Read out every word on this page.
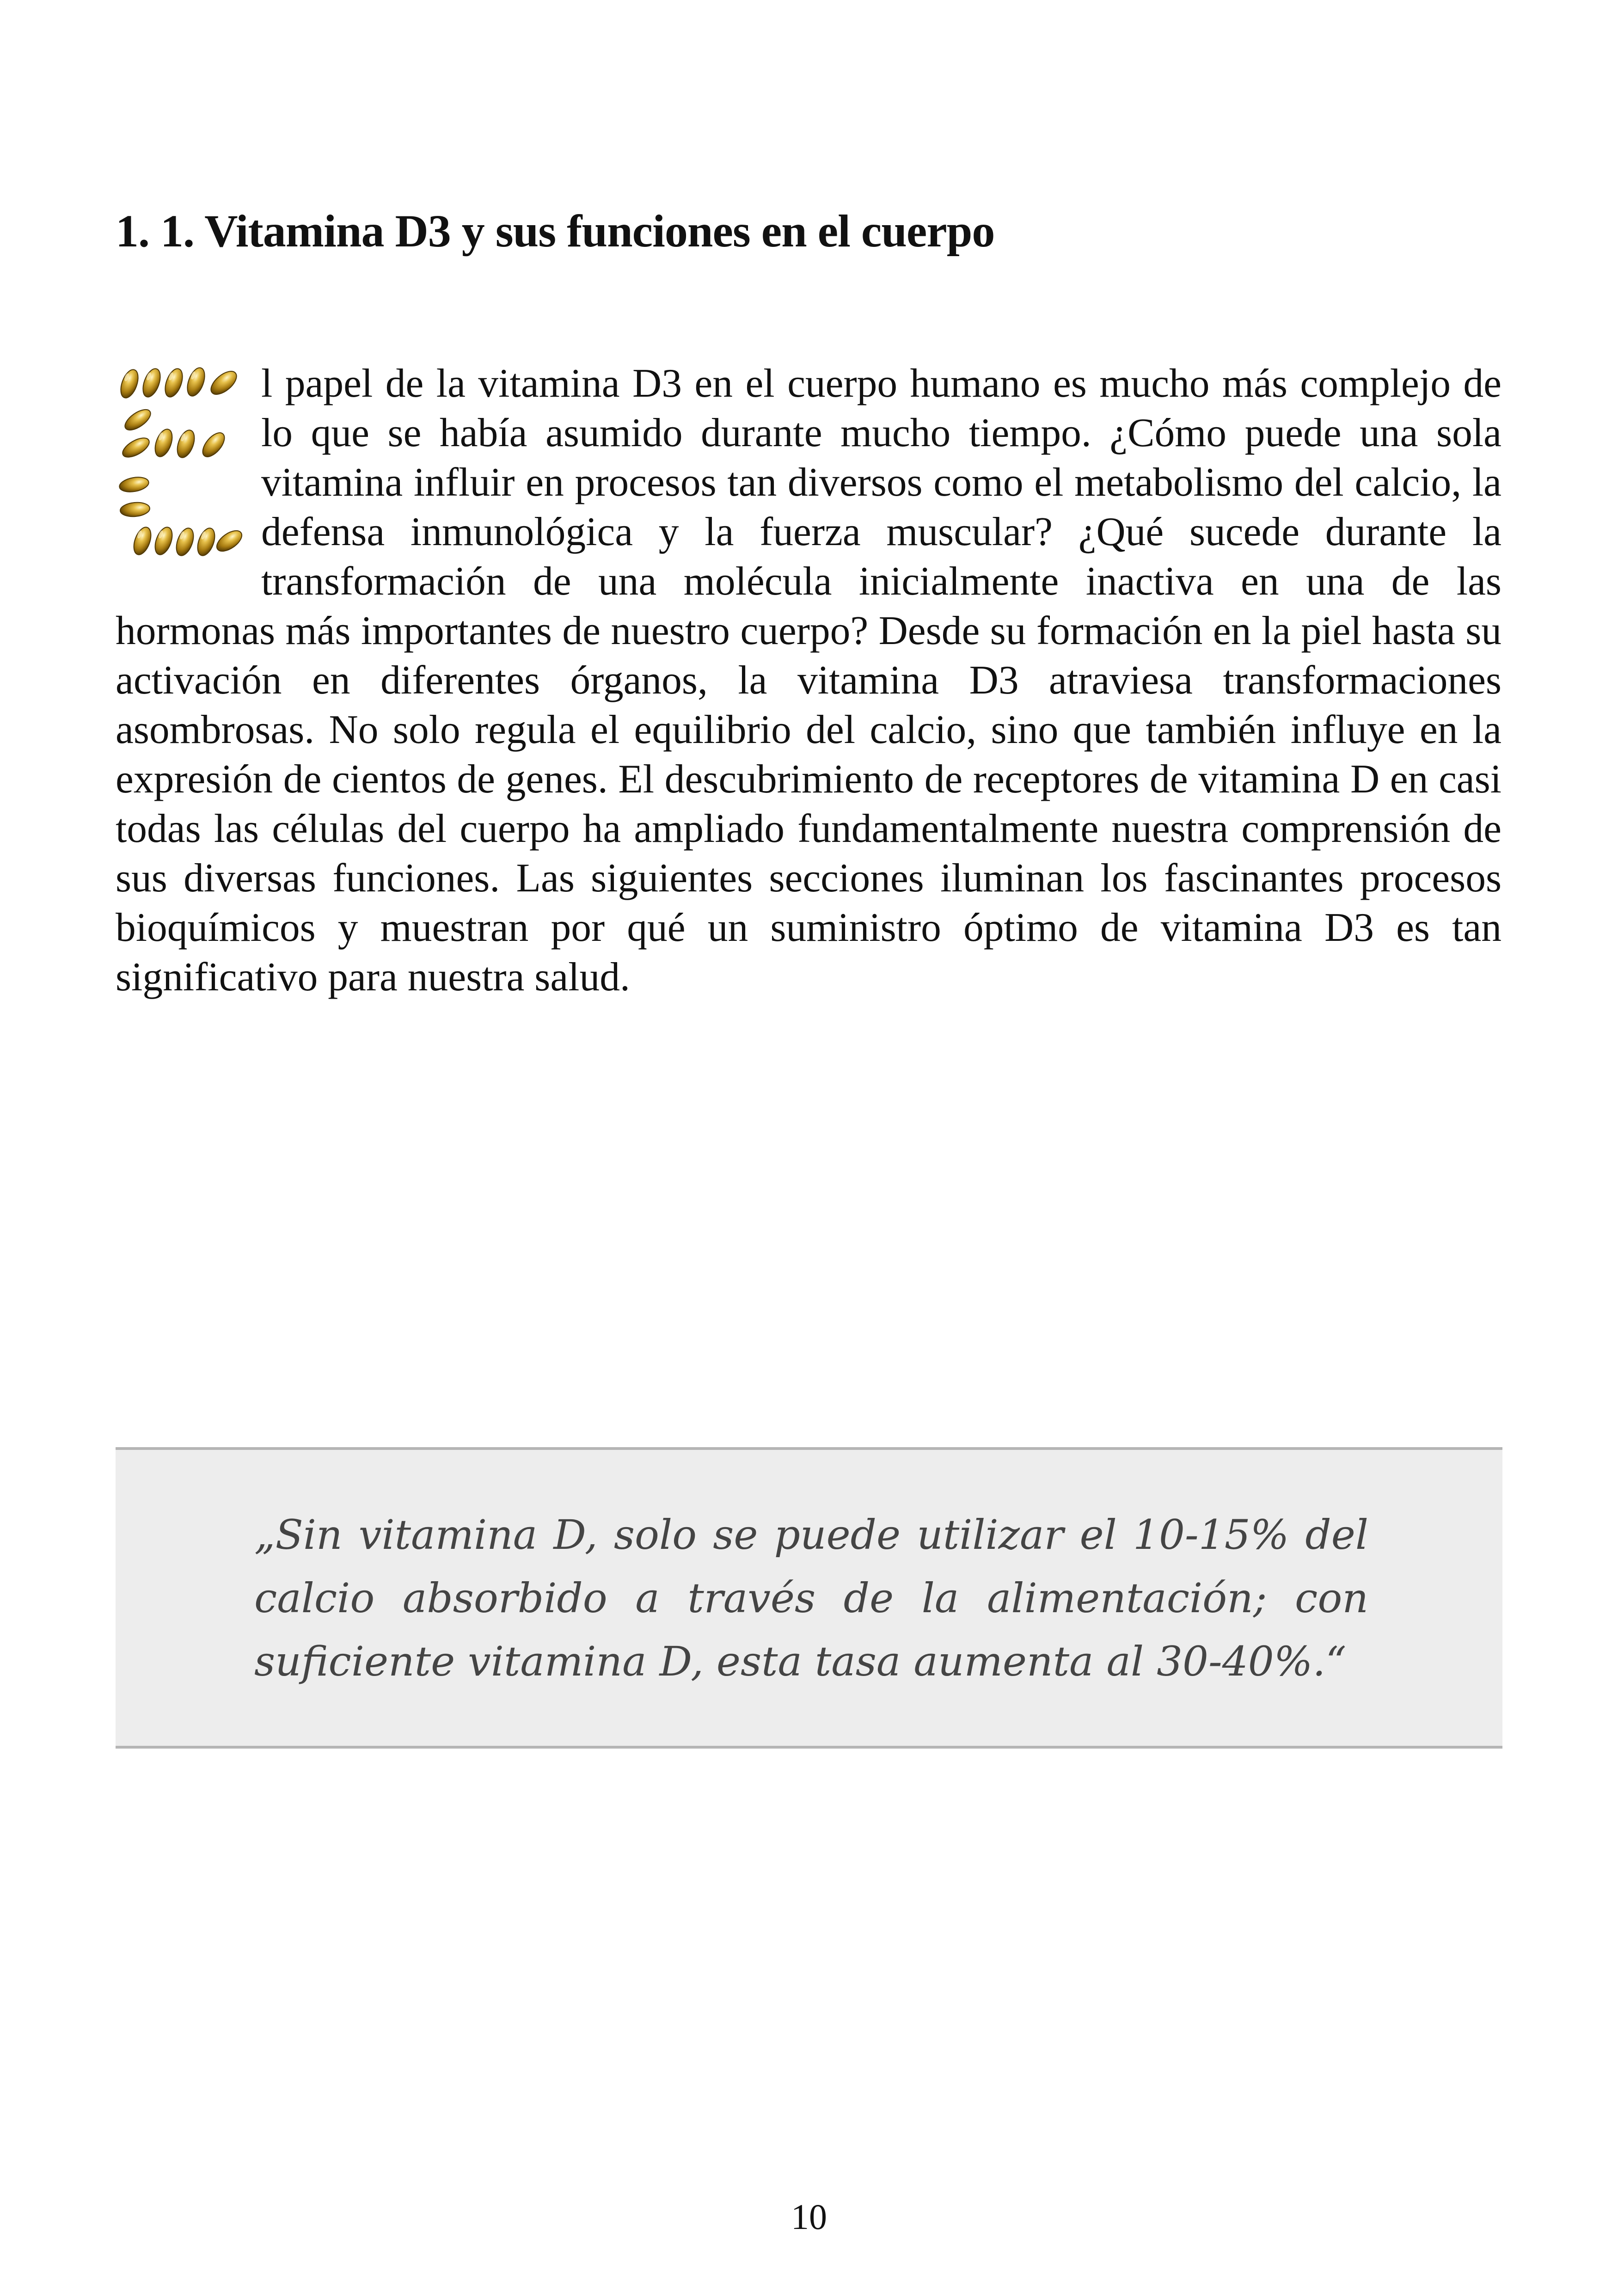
1. 1. Vitamina D3 y sus funciones en el cuerpo

l papel de la vitamina D3 en el cuerpo humano es mucho más complejo de lo que se había asumido durante mucho tiempo. ¿Cómo puede una sola vitamina influir en procesos tan diversos como el metabolismo del calcio, la defensa inmunológica y la fuerza muscular? ¿Qué sucede durante la transformación de una molécula inicialmente inactiva en una de las hormonas más importantes de nuestro cuerpo? Desde su formación en la piel hasta su activación en diferentes órganos, la vitamina D3 atraviesa transformaciones asombrosas. No solo regula el equilibrio del calcio, sino que también influye en la expresión de cientos de genes. El descubrimiento de receptores de vitamina D en casi todas las células del cuerpo ha ampliado fundamentalmente nuestra comprensión de sus diversas funciones. Las siguientes secciones iluminan los fascinantes procesos bioquímicos y muestran por qué un suministro óptimo de vitamina D3 es tan significativo para nuestra salud.

„Sin vitamina D, solo se puede utilizar el 10-15% del calcio absorbido a través de la alimentación; con suficiente vitamina D, esta tasa aumenta al 30-40%.“

10
